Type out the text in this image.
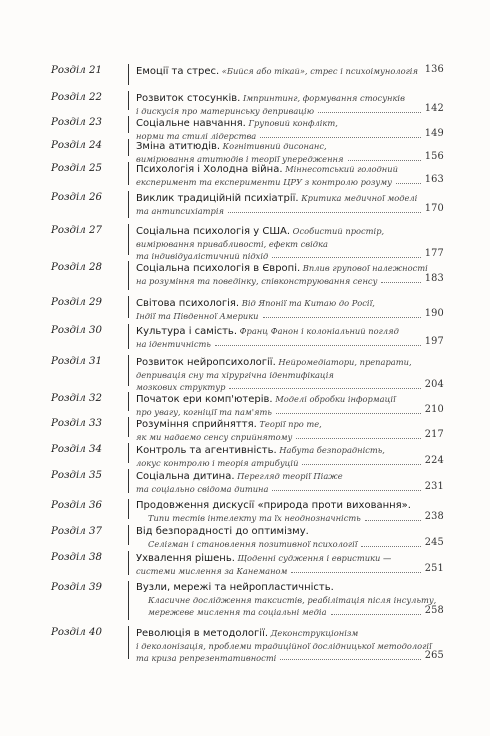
Розділ 21	Емоції та стрес. «Бийся або тікай», стрес і психоімунологія 136
Розділ 22	Розвиток стосунків. Імпринтинг, формування стосунків
і дискусія про материнську депривацію	142
Розділ 23	Соціальне навчання. Груповий конфлікт,
норми та стилі лідерства	149
Розділ 24	Зміна атитюдів. Когнітивний дисонанс,
вимірювання атитюдів і теорії упередження	156
Розділ 25	Психологія і Холодна війна. Міннесотський голодний
експеримент та експерименти ЦРУ з контролю розуму	163
Розділ 26	Виклик традиційній психіатрії. Критика медичної моделі
та антипсихіатрія	170
Розділ 27	Соціальна психологія у США. Особистий простір,
вимірювання привабливості, ефект свідка
та індивідуалістичний підхід	177
Розділ 28	Соціальна психологія в Європі. Вплив групової належності
на розуміння та поведінку, співконструювання сенсу	183
Розділ 29	Світова психологія. Від Японії та Китаю до Росії,
Індії та Південної Америки	190
Розділ 30	Культура і самість. Франц Фанон і колоніальний погляд
на ідентичність	197
Розділ 31	Розвиток нейропсихології. Нейромедіатори, препарати,
депривація сну та хірургічна ідентифікація
мозкових структур	204
Розділ 32	Початок ери комп'ютерів. Моделі обробки інформації
про увагу, когніції та пам'ять	210
Розділ 33	Розуміння сприйняття. Теорії про те,
як ми надаємо сенсу сприйнятому	217
Розділ 34	Контроль та агентивність. Набута безпорадність,
локус контролю і теорія атрибуцій	224
Розділ 35	Соціальна дитина. Перегляд теорії Піаже
та соціально свідома дитина	231
Розділ 36	Продовження дискусії «природа проти виховання».
Типи тестів інтелекту та їх неоднозначність	238
Розділ 37	Від безпорадності до оптимізму.
Селігман і становлення позитивної психології	245
Розділ 38	Ухвалення рішень. Щоденні судження і евристики —
системи мислення за Канеманом	251
Розділ 39	Вузли, мережі та нейропластичність.
Класичне дослідження таксистів, реабілітація після інсульту,
мережеве мислення та соціальні медіа	258
Розділ 40	Революція в методології. Деконструкціонізм
і деколонізація, проблеми традиційної дослідницької методології
та криза репрезентативності	265
